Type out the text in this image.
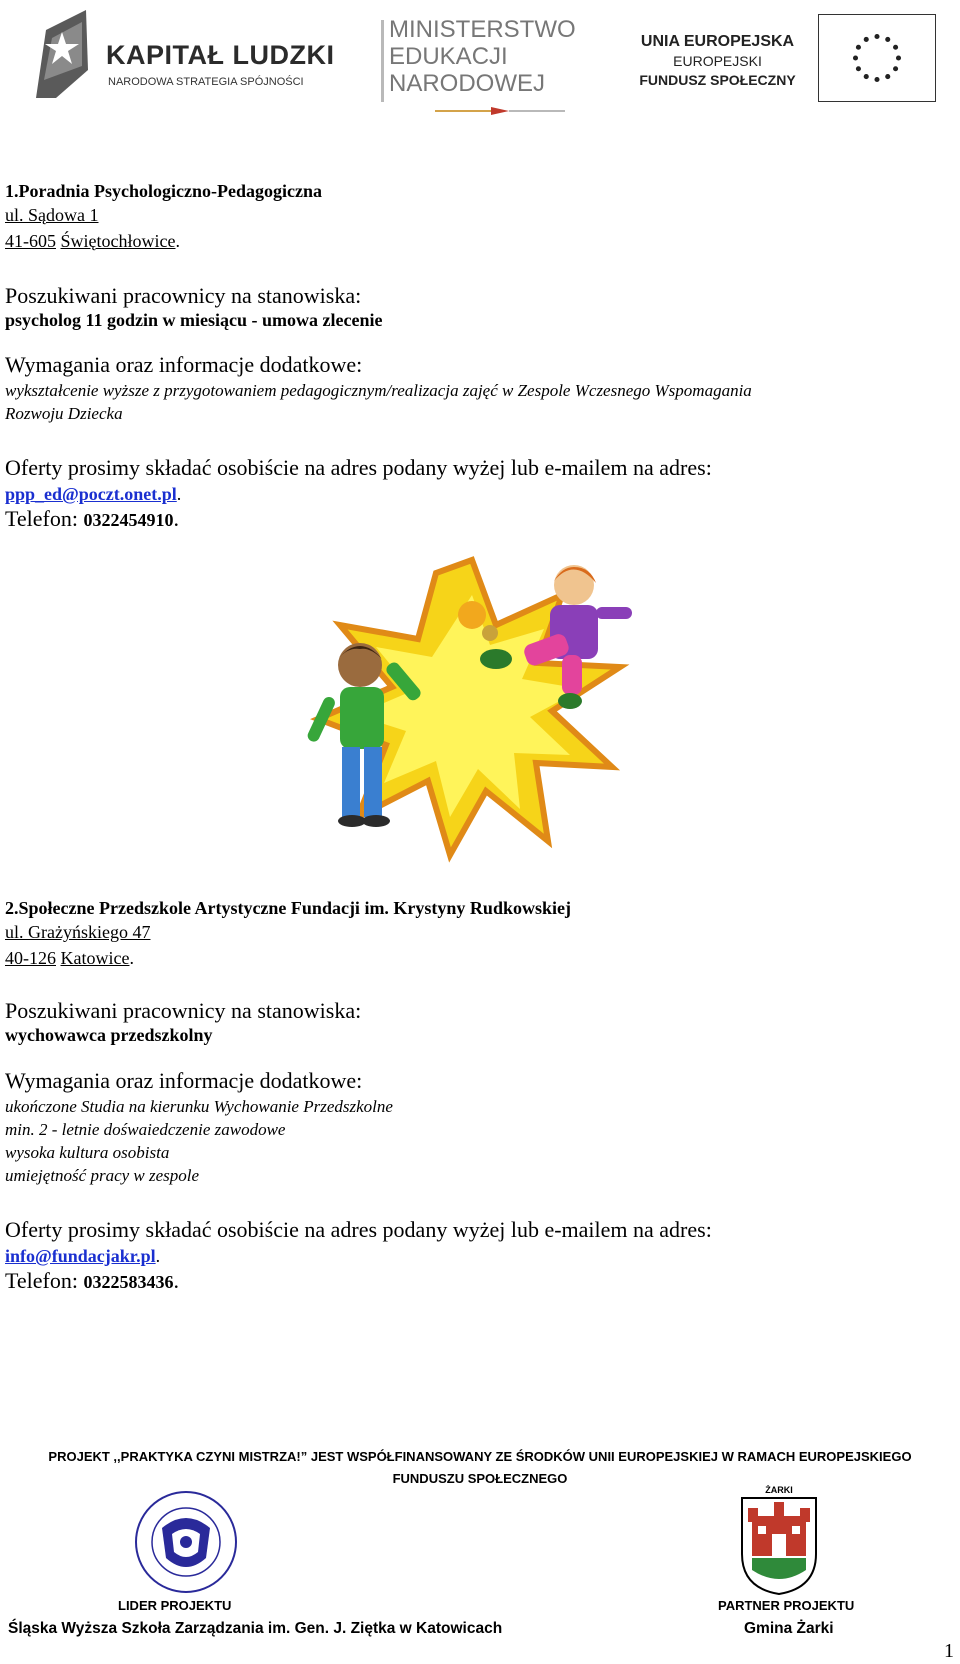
KAPITAŁ LUDZKI
NARODOWA STRATEGIA SPÓJNOŚCI
MINISTERSTWO
EDUKACJI
NARODOWEJ
UNIA EUROPEJSKA
EUROPEJSKI
FUNDUSZ SPOŁECZNY
1.Poradnia Psychologiczno-Pedagogiczna
ul. Sądowa 1
41-605 Świętochłowice.
Poszukiwani pracownicy na stanowiska:
psycholog 11 godzin w miesiącu - umowa zlecenie
Wymagania oraz informacje dodatkowe:
wykształcenie wyższe z przygotowaniem pedagogicznym/realizacja zajęć w Zespole Wczesnego Wspomagania
Rozwoju Dziecka
Oferty prosimy składać osobiście na adres podany wyżej lub e-mailem na adres:
ppp_ed@poczt.onet.pl.
Telefon: 0322454910.
2.Społeczne Przedszkole Artystyczne Fundacji im. Krystyny Rudkowskiej
ul. Grażyńskiego 47
40-126 Katowice.
Poszukiwani pracownicy na stanowiska:
wychowawca przedszkolny
Wymagania oraz informacje dodatkowe:
ukończone Studia na kierunku Wychowanie Przedszkolne
min. 2 - letnie dośwaiedczenie zawodowe
wysoka kultura osobista
umiejętność pracy w zespole
Oferty prosimy składać osobiście na adres podany wyżej lub e-mailem na adres:
info@fundacjakr.pl.
Telefon: 0322583436.
PROJEKT ,,PRAKTYKA CZYNI MISTRZA!” JEST WSPÓŁFINANSOWANY ZE ŚRODKÓW UNII EUROPEJSKIEJ W RAMACH EUROPEJSKIEGO
FUNDUSZU SPOŁECZNEGO
ŻARKI
LIDER PROJEKTU	PARTNER PROJEKTU
Śląska Wyższa Szkoła Zarządzania im. Gen. J. Ziętka w Katowicach	Gmina Żarki
1
